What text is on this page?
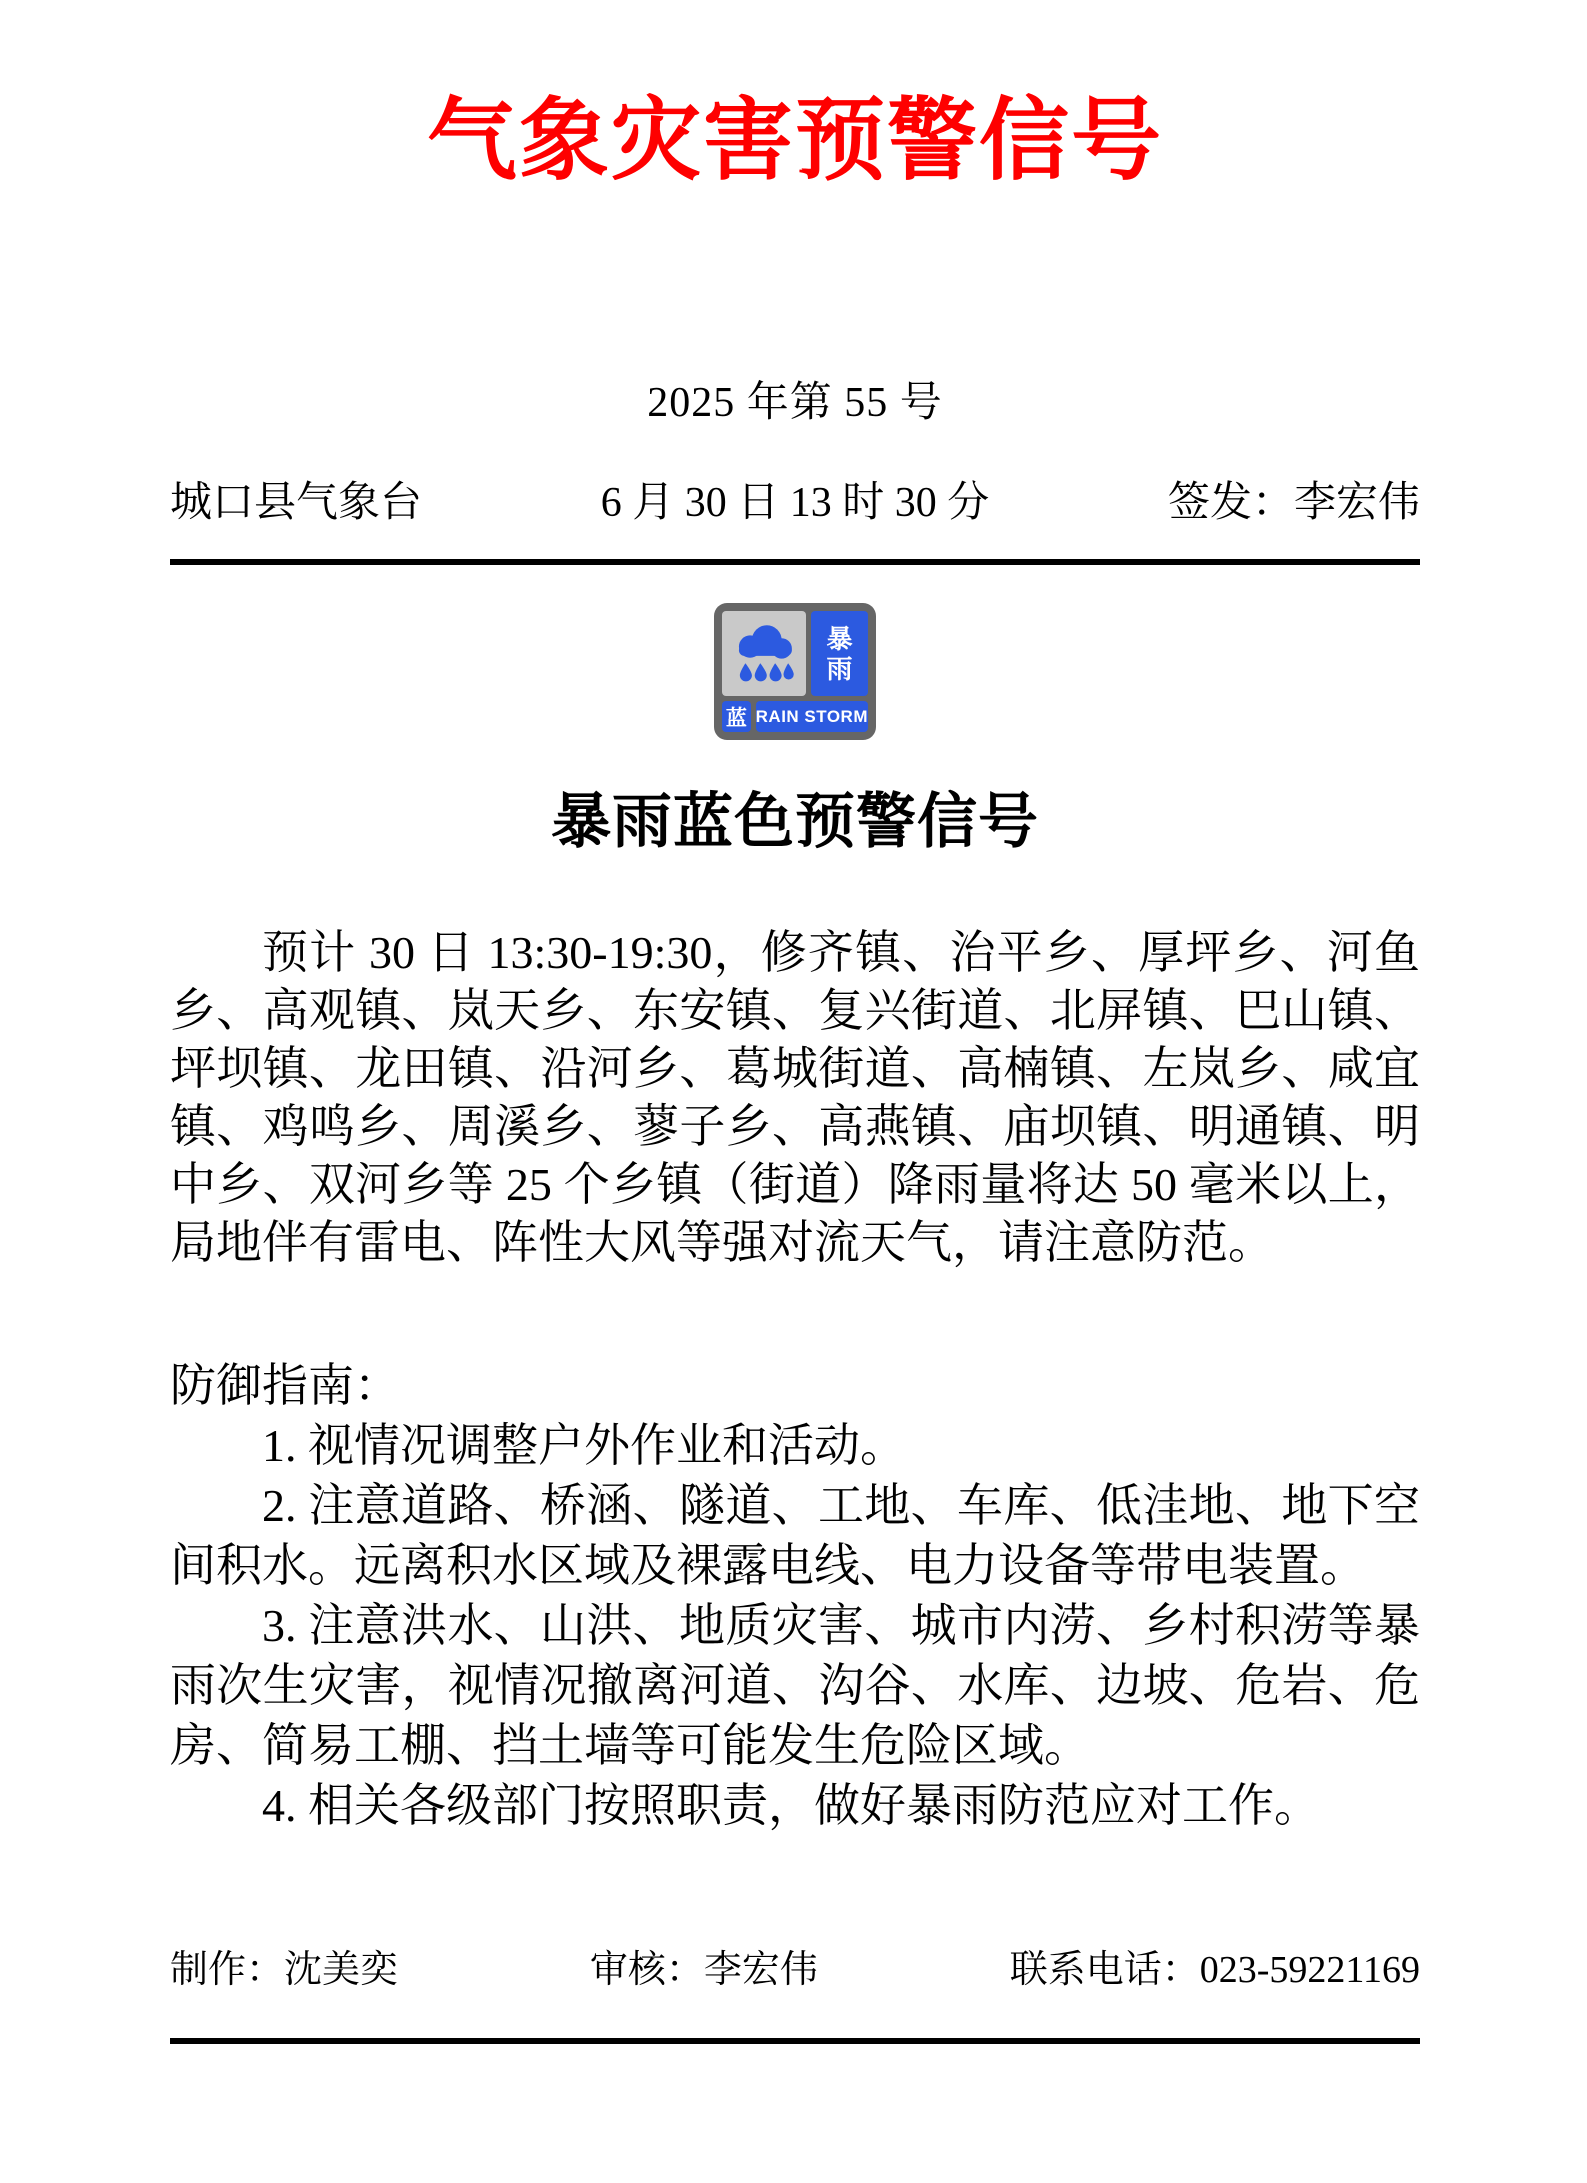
气象灾害预警信号
2025 年第 55 号
城口县气象台	6 月 30 日 13 时 30 分	签发：李宏伟
暴
雨
蓝 RAIN STORM
暴雨蓝色预警信号

预计 30 日 13:30-19:30，修齐镇、治平乡、厚坪乡、河鱼乡、高观镇、岚天乡、东安镇、复兴街道、北屏镇、巴山镇、坪坝镇、龙田镇、沿河乡、葛城街道、高楠镇、左岚乡、咸宜镇、鸡鸣乡、周溪乡、蓼子乡、高燕镇、庙坝镇、明通镇、明中乡、双河乡等 25 个乡镇（街道）降雨量将达 50 毫米以上，局地伴有雷电、阵性大风等强对流天气，请注意防范。

防御指南：

1. 视情况调整户外作业和活动。

2. 注意道路、桥涵、隧道、工地、车库、低洼地、地下空间积水。远离积水区域及裸露电线、电力设备等带电装置。

3. 注意洪水、山洪、地质灾害、城市内涝、乡村积涝等暴雨次生灾害，视情况撤离河道、沟谷、水库、边坡、危岩、危房、简易工棚、挡土墙等可能发生危险区域。

4. 相关各级部门按照职责，做好暴雨防范应对工作。

制作：沈美奕	审核：李宏伟	联系电话：023-59221169
